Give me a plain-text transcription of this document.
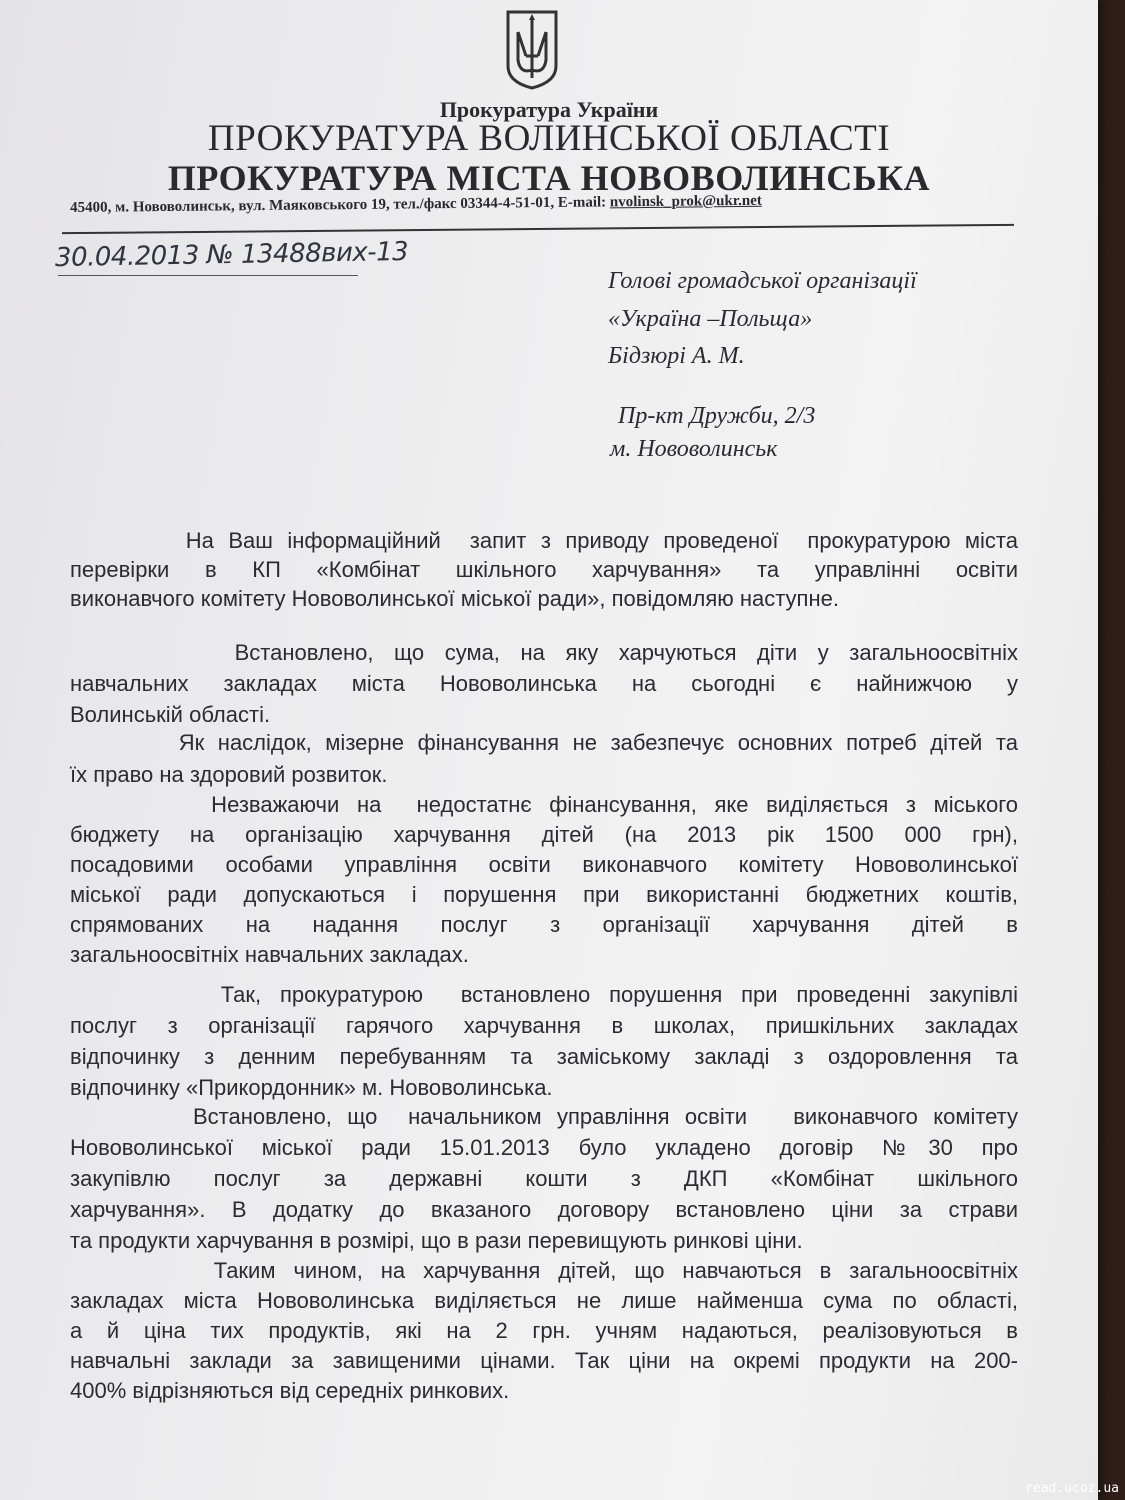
Прокуратура України
ПРОКУРАТУРА ВОЛИНСЬКОЇ ОБЛАСТІ
ПРОКУРАТУРА МІСТА НОВОВОЛИНСЬКА
45400, м. Нововолинськ, вул. Маяковського 19, тел./факс 03344-4-51-01, E-mail: nvolinsk_prok@ukr.net
30.04.2013 № 13488вих-13
Голові громадської організації
«Україна –Польща»
Бідзюрі А. М.
Пр-кт Дружби, 2/3
м. Нововолинськ
На Ваш інформаційний  запит з приводу проведеної  прокуратурою міста
перевірки в КП «Комбінат шкільного харчування» та управлінні освіти
виконавчого комітету Нововолинської міської ради», повідомляю наступне.
Встановлено, що сума, на яку харчуються діти у загальноосвітніх
навчальних закладах міста Нововолинська на сьогодні є найнижчою у
Волинській області.
Як наслідок, мізерне фінансування не забезпечує основних потреб дітей та
їх право на здоровий розвиток.
Незважаючи на  недостатнє фінансування, яке виділяється з міського
бюджету на організацію харчування дітей (на 2013 рік 1500 000 грн),
посадовими особами управління освіти виконавчого комітету Нововолинської
міської ради допускаються і порушення при використанні бюджетних коштів,
спрямованих на надання послуг з організації харчування дітей в
загальноосвітніх навчальних закладах.
Так, прокуратурою  встановлено порушення при проведенні закупівлі
послуг з організації гарячого харчування в школах, пришкільних закладах
відпочинку з денним перебуванням та заміському закладі з оздоровлення та
відпочинку «Прикордонник» м. Нововолинська.
Встановлено, що  начальником управління освіти   виконавчого комітету
Нововолинської міської ради 15.01.2013 було укладено договір №30 про
закупівлю послуг за державні кошти з ДКП «Комбінат шкільного
харчування». В додатку до вказаного договору встановлено ціни за страви
та продукти харчування в розмірі, що в рази перевищують ринкові ціни.
Таким чином, на харчування дітей, що навчаються в загальноосвітніх
закладах міста Нововолинська виділяється не лише найменша сума по області,
а й ціна тих продуктів, які на 2 грн. учням надаються, реалізовуються в
навчальні заклади за завищеними цінами. Так ціни на окремі продукти на 200-
400% відрізняються від середніх ринкових.
read.ucoz.ua
